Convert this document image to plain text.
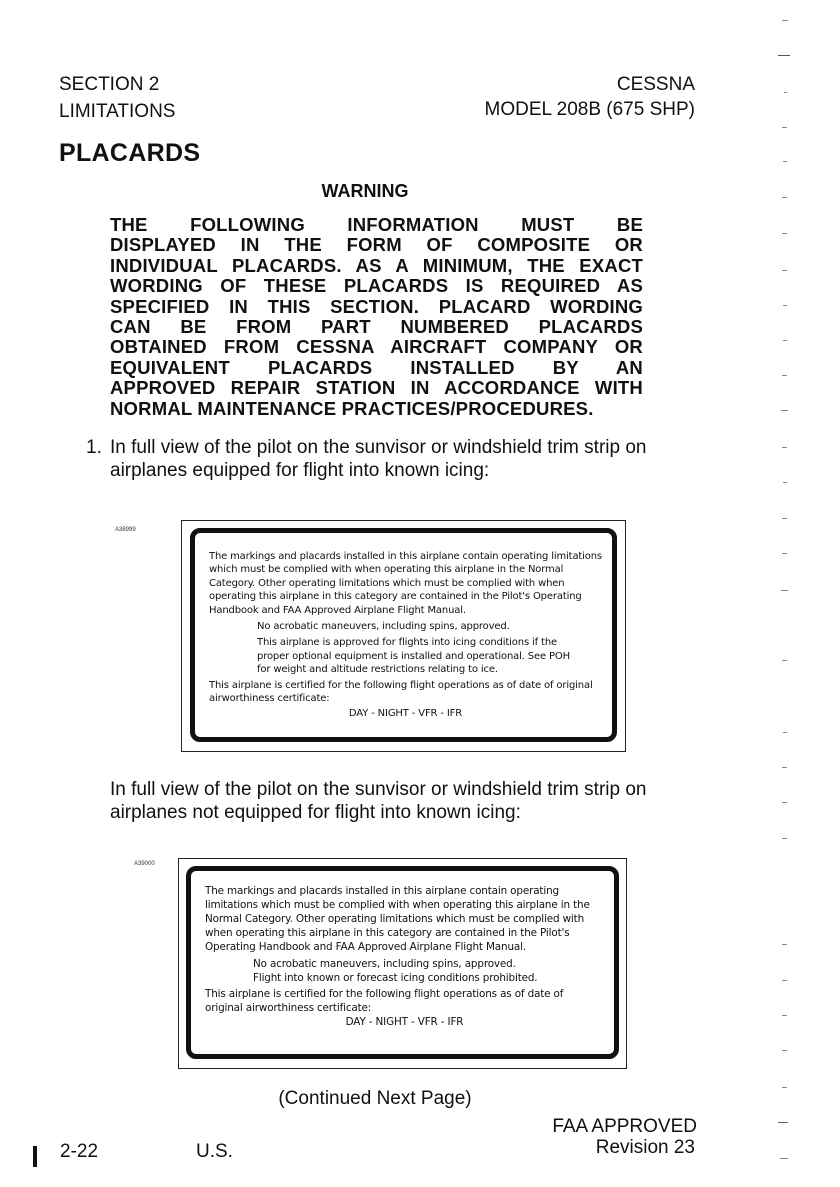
SECTION 2
LIMITATIONS
CESSNA
MODEL 208B (675 SHP)
PLACARDS
WARNING
THE FOLLOWING INFORMATION MUST BE
DISPLAYED IN THE FORM OF COMPOSITE OR
INDIVIDUAL PLACARDS. AS A MINIMUM, THE EXACT
WORDING OF THESE PLACARDS IS REQUIRED AS
SPECIFIED IN THIS SECTION. PLACARD WORDING
CAN BE FROM PART NUMBERED PLACARDS
OBTAINED FROM CESSNA AIRCRAFT COMPANY OR
EQUIVALENT PLACARDS INSTALLED BY AN
APPROVED REPAIR STATION IN ACCORDANCE WITH
NORMAL MAINTENANCE PRACTICES/PROCEDURES.
1. In full view of the pilot on the sunvisor or windshield trim strip on
airplanes equipped for flight into known icing:
A38999

The markings and placards installed in this airplane contain operating limitations

which must be complied with when operating this airplane in the Normal

Category. Other operating limitations which must be complied with when

operating this airplane in this category are contained in the Pilot's Operating

Handbook and FAA Approved Airplane Flight Manual.

No acrobatic maneuvers, including spins, approved.

This airplane is approved for flights into icing conditions if the

proper optional equipment is installed and operational. See POH

for weight and altitude restrictions relating to ice.

This airplane is certified for the following flight operations as of date of original

airworthiness certificate:

DAY - NIGHT - VFR - IFR

In full view of the pilot on the sunvisor or windshield trim strip on
airplanes not equipped for flight into known icing:
A39000

The markings and placards installed in this airplane contain operating

limitations which must be complied with when operating this airplane in the

Normal Category. Other operating limitations which must be complied with

when operating this airplane in this category are contained in the Pilot's

Operating Handbook and FAA Approved Airplane Flight Manual.

No acrobatic maneuvers, including spins, approved.

Flight into known or forecast icing conditions prohibited.

This airplane is certified for the following flight operations as of date of

original airworthiness certificate:

DAY - NIGHT - VFR - IFR

(Continued Next Page)
2-22	U.S.
FAA APPROVED
Revision 23
